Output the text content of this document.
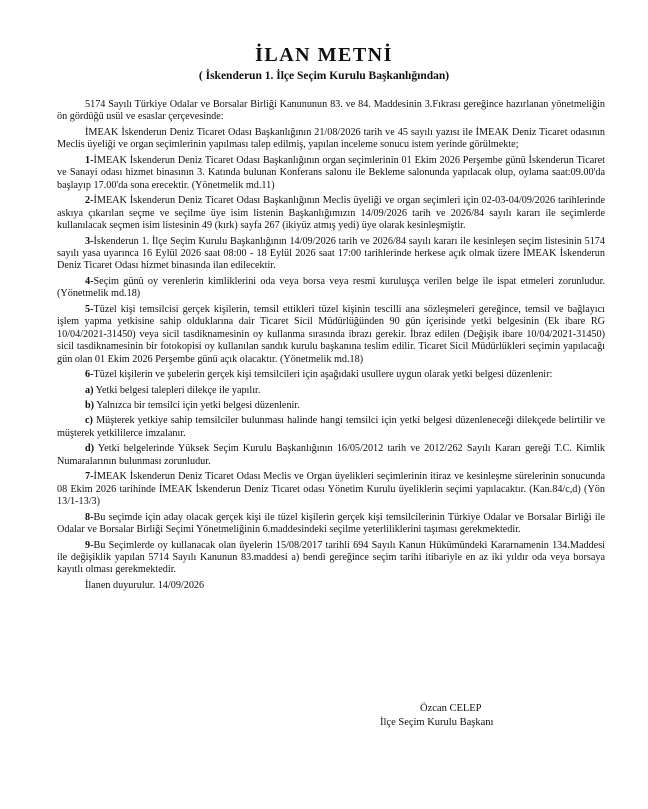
İLAN METNİ
( İskenderun 1. İlçe Seçim Kurulu Başkanlığından)

5174 Sayılı Türkiye Odalar ve Borsalar Birliği Kanununun 83. ve 84. Maddesinin 3.Fıkrası gereğince hazırlanan yönetmeliğin ön gördüğü usül ve esaslar çerçevesinde:

İMEAK İskenderun Deniz Ticaret Odası Başkanlığının 21/08/2026 tarih ve 45 sayılı yazısı ile İMEAK Deniz Ticaret odasının Meclis üyeliği ve organ seçimlerinin yapılması talep edilmiş, yapılan inceleme sonucu istem yerinde görülmekte;

1-İMEAK İskenderun Deniz Ticaret Odası Başkanlığının organ seçimlerinin 01 Ekim 2026 Perşembe günü İskenderun Ticaret ve Sanayi odası hizmet binasının 3. Katında bulunan Konferans salonu ile Bekleme salonunda yapılacak olup, oylama saat:09.00'da başlayıp 17.00'da sona erecektir. (Yönetmelik md.11)

2-İMEAK İskenderun Deniz Ticaret Odası Başkanlığının Meclis üyeliği ve organ seçimleri için 02-03-04/09/2026 tarihlerinde askıya çıkarılan seçme ve seçilme üye isim listenin Başkanlığımızın 14/09/2026 tarih ve 2026/84 sayılı kararı ile seçimlerde kullanılacak seçmen isim listesinin 49 (kırk) sayfa 267 (ikiyüz atmış yedi) üye olarak kesinleşmiştir.

3-İskenderun 1. İlçe Seçim Kurulu Başkanlığının 14/09/2026 tarih ve 2026/84 sayılı kararı ile kesinleşen seçim listesinin 5174 sayılı yasa uyarınca 16 Eylül 2026 saat 08:00 - 18 Eylül 2026 saat 17:00 tarihlerinde herkese açık olmak üzere İMEAK İskenderun Deniz Ticaret Odası hizmet binasında ilan edilecektir.

4-Seçim günü oy verenlerin kimliklerini oda veya borsa veya resmi kuruluşça verilen belge ile ispat etmeleri zorunludur. (Yönetmelik md.18)

5-Tüzel kişi temsilcisi gerçek kişilerin, temsil ettikleri tüzel kişinin tescilli ana sözleşmeleri gereğince, temsil ve bağlayıcı işlem yapma yetkisine sahip olduklarına dair Ticaret Sicil Müdürlüğünden 90 gün içerisinde yetki belgesinin (Ek ibare RG 10/04/2021-31450) veya sicil tasdiknamesinin oy kullanma sırasında ibrazı gerekir. İbraz edilen (Değişik ibare 10/04/2021-31450) sicil tasdiknamesinin bir fotokopisi oy kullanılan sandık kurulu başkanına teslim edilir. Ticaret Sicil Müdürlükleri seçimin yapılacağı gün olan 01 Ekim 2026 Perşembe günü açık olacaktır. (Yönetmelik md.18)

6-Tüzel kişilerin ve şubelerin gerçek kişi temsilcileri için aşağıdaki usullere uygun olarak yetki belgesi düzenlenir:

a) Yetki belgesi talepleri dilekçe ile yapılır.

b) Yalnızca bir temsilci için yetki belgesi düzenlenir.

c) Müşterek yetkiye sahip temsilciler bulunması halinde hangi temsilci için yetki belgesi düzenleneceği dilekçede belirtilir ve müşterek yetkililerce imzalanır.

d) Yetki belgelerinde Yüksek Seçim Kurulu Başkanlığının 16/05/2012 tarih ve 2012/262 Sayılı Kararı gereği T.C. Kimlik Numaralarının bulunması zorunludur.

7-İMEAK İskenderun Deniz Ticaret Odası Meclis ve Organ üyelikleri seçimlerinin itiraz ve kesinleşme sürelerinin sonucunda 08 Ekim 2026 tarihinde İMEAK İskenderun Deniz Ticaret odası Yönetim Kurulu üyeliklerin seçimi yapılacaktır. (Kan.84/c,d) (Yön 13/1-13/3)

8-Bu seçimde için aday olacak gerçek kişi ile tüzel kişilerin gerçek kişi temsilcilerinin Türkiye Odalar ve Borsalar Birliği ile Odalar ve Borsalar Birliği Seçimi Yönetmeliğinin 6.maddesindeki seçilme yeterliliklerini taşıması gerekmektedir.

9-Bu Seçimlerde oy kullanacak olan üyelerin 15/08/2017 tarihli 694 Sayılı Kanun Hükümündeki Kararnamenin 134.Maddesi ile değişiklik yapılan 5714 Sayılı Kanunun 83.maddesi a) bendi gereğince seçim tarihi itibariyle en az iki yıldır oda veya borsaya kayıtlı olması gerekmektedir.

İlanen duyurulur. 14/09/2026

Özcan CELEP
İlçe Seçim Kurulu Başkanı
